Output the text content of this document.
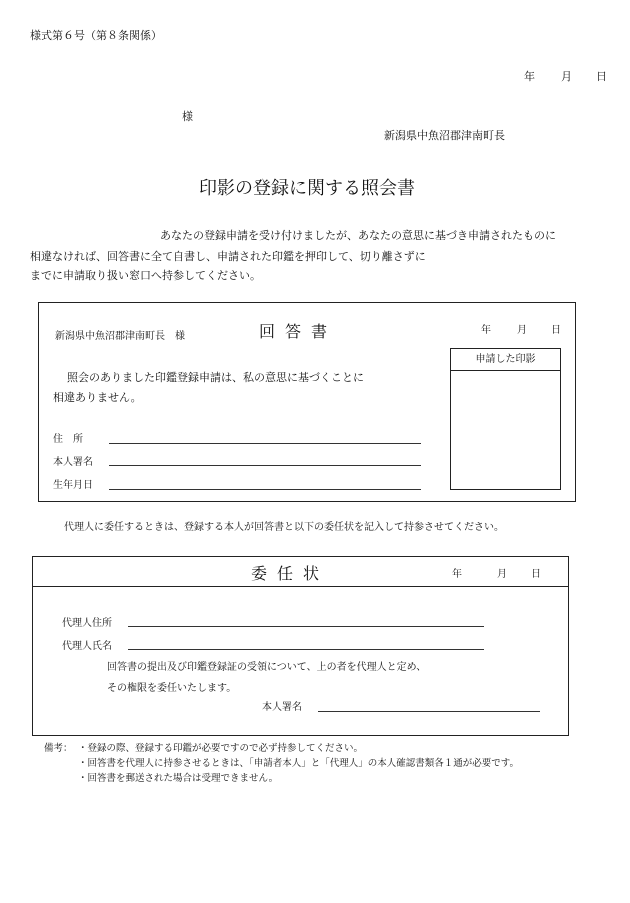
様式第６号（第８条関係）
年 月 日
様
新潟県中魚沼郡津南町長
印影の登録に関する照会書
あなたの登録申請を受け付けましたが、あなたの意思に基づき申請されたものに
相違なければ、回答書に全て自書し、申請された印鑑を押印して、切り離さずに
までに申請取り扱い窓口へ持参してください。
新潟県中魚沼郡津南町長　様	回答書	年	月 日
申請した印影
照会のありました印鑑登録申請は、私の意思に基づくことに
相違ありません。
住　所
本人署名
生年月日
代理人に委任するときは、登録する本人が回答書と以下の委任状を記入して持参させてください。
委任状	年	月 日
代理人住所
代理人氏名
回答書の提出及び印鑑登録証の受領について、上の者を代理人と定め、
その権限を委任いたします。
本人署名
備考： ・登録の際、登録する印鑑が必要ですので必ず持参してください。
・回答書を代理人に持参させるときは、「申請者本人」と「代理人」の本人確認書類各１通が必要です。
・回答書を郵送された場合は受理できません。
